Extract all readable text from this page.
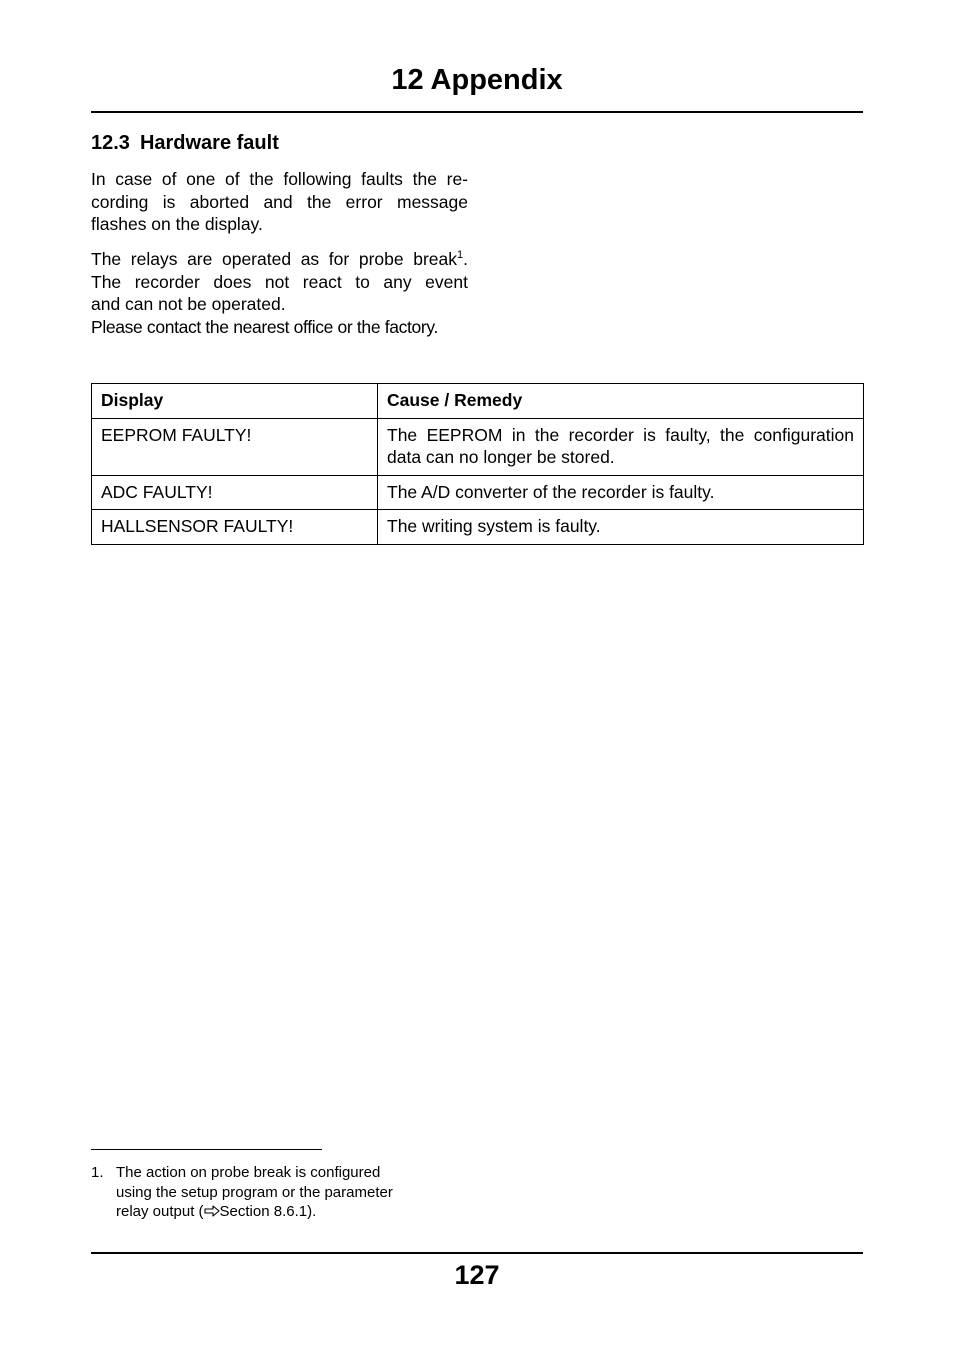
12 Appendix
12.3 Hardware fault

In case of one of the following faults the re-
cording is aborted and the error message
flashes on the display.

The relays are operated as for probe break$^1$.
The recorder does not react to any event
and can not be operated.
Please contact the nearest office or the factory.

Display	Cause / Remedy
EEPROM FAULTY!	The EEPROM in the recorder is faulty, the configuration data can no longer be stored.
ADC FAULTY!	The A/D converter of the recorder is faulty.
HALLSENSOR FAULTY!	The writing system is faulty.
1. The action on probe break is configured
using the setup program or the parameter
relay output ( Section 8.6.1).
127
